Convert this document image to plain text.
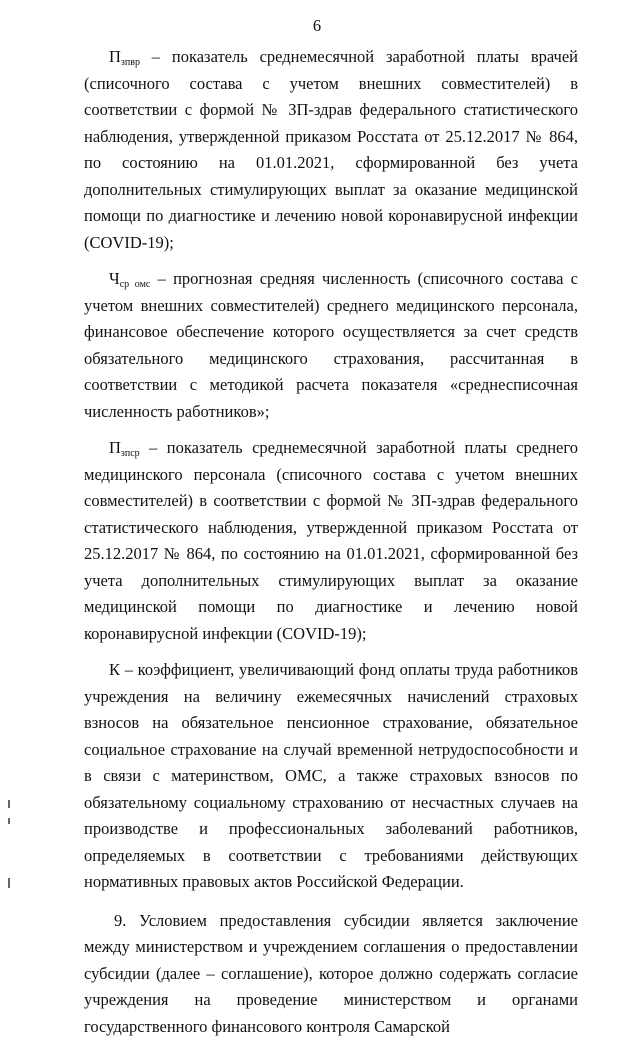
6

$П_{зпвр}$ – показатель среднемесячной заработной платы врачей (списочного состава с учетом внешних совместителей) в соответствии с формой № ЗП-здрав федерального статистического наблюдения, утвержденной приказом Росстата от 25.12.2017 № 864, по состоянию на 01.01.2021, сформированной без учета дополнительных стимулирующих выплат за оказание медицинской помощи по диагностике и лечению новой коронавирусной инфекции (COVID-19);

$Ч_{ср омс}$ – прогнозная средняя численность (списочного состава с учетом внешних совместителей) среднего медицинского персонала, финансовое обеспечение которого осуществляется за счет средств обязательного медицинского страхования, рассчитанная в соответствии с методикой расчета показателя «среднесписочная численность работников»;

$П_{зпср}$ – показатель среднемесячной заработной платы среднего медицинского персонала (списочного состава с учетом внешних совместителей) в соответствии с формой № ЗП-здрав федерального статистического наблюдения, утвержденной приказом Росстата от 25.12.2017 № 864, по состоянию на 01.01.2021, сформированной без учета дополнительных стимулирующих выплат за оказание медицинской помощи по диагностике и лечению новой коронавирусной инфекции (COVID-19);

К – коэффициент, увеличивающий фонд оплаты труда работников учреждения на величину ежемесячных начислений страховых взносов на обязательное пенсионное страхование, обязательное социальное страхование на случай временной нетрудоспособности и в связи с материнством, ОМС, а также страховых взносов по обязательному социальному страхованию от несчастных случаев на производстве и профессиональных заболеваний работников, определяемых в соответствии с требованиями действующих нормативных правовых актов Российской Федерации.

9. Условием предоставления субсидии является заключение между министерством и учреждением соглашения о предоставлении субсидии (далее – соглашение), которое должно содержать согласие учреждения на проведение министерством и органами государственного финансового контроля Самарской
